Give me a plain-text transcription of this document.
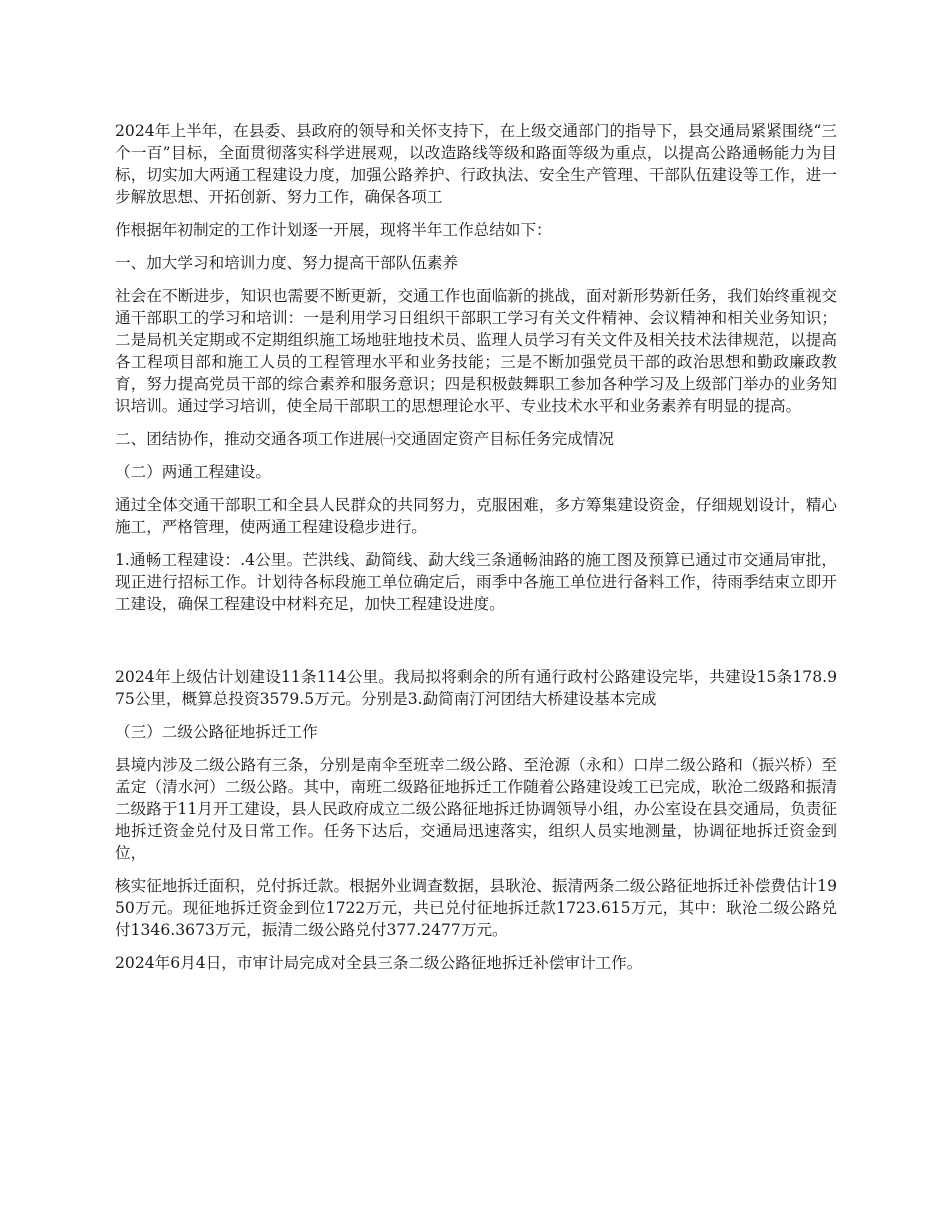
2024年上半年，在县委、县政府的领导和关怀支持下，在上级交通部门的指导下，县交通局紧紧围绕“三个一百”目标，全面贯彻落实科学进展观，以改造路线等级和路面等级为重点，以提高公路通畅能力为目标，切实加大两通工程建设力度，加强公路养护、行政执法、安全生产管理、干部队伍建设等工作，进一步解放思想、开拓创新、努力工作，确保各项工

作根据年初制定的工作计划逐一开展，现将半年工作总结如下：

一、加大学习和培训力度、努力提高干部队伍素养

社会在不断进步，知识也需要不断更新，交通工作也面临新的挑战，面对新形势新任务，我们始终重视交通干部职工的学习和培训：一是利用学习日组织干部职工学习有关文件精神、会议精神和相关业务知识；二是局机关定期或不定期组织施工场地驻地技术员、监理人员学习有关文件及相关技术法律规范，以提高各工程项目部和施工人员的工程管理水平和业务技能；三是不断加强党员干部的政治思想和勤政廉政教育，努力提高党员干部的综合素养和服务意识；四是积极鼓舞职工参加各种学习及上级部门举办的业务知识培训。通过学习培训，使全局干部职工的思想理论水平、专业技术水平和业务素养有明显的提高。

二、团结协作，推动交通各项工作进展㈠交通固定资产目标任务完成情况

（二）两通工程建设。

通过全体交通干部职工和全县人民群众的共同努力，克服困难，多方筹集建设资金，仔细规划设计，精心施工，严格管理，使两通工程建设稳步进行。

1.通畅工程建设：.4公里。芒洪线、勐简线、勐大线三条通畅油路的施工图及预算已通过市交通局审批，现正进行招标工作。计划待各标段施工单位确定后，雨季中各施工单位进行备料工作，待雨季结束立即开工建设，确保工程建设中材料充足，加快工程建设进度。

2024年上级估计划建设11条114公里。我局拟将剩余的所有通行政村公路建设完毕，共建设15条178.975公里，概算总投资3579.5万元。分别是3.勐简南汀河团结大桥建设基本完成

（三）二级公路征地拆迁工作

县境内涉及二级公路有三条，分别是南伞至班幸二级公路、至沧源（永和）口岸二级公路和（振兴桥）至孟定（清水河）二级公路。其中，南班二级路征地拆迁工作随着公路建设竣工已完成，耿沧二级路和振清二级路于11月开工建设，县人民政府成立二级公路征地拆迁协调领导小组，办公室设在县交通局，负责征地拆迁资金兑付及日常工作。任务下达后，交通局迅速落实，组织人员实地测量，协调征地拆迁资金到位，

核实征地拆迁面积，兑付拆迁款。根据外业调查数据，县耿沧、振清两条二级公路征地拆迁补偿费估计1950万元。现征地拆迁资金到位1722万元，共已兑付征地拆迁款1723.615万元，其中：耿沧二级公路兑付1346.3673万元，振清二级公路兑付377.2477万元。

2024年6月4日，市审计局完成对全县三条二级公路征地拆迁补偿审计工作。
